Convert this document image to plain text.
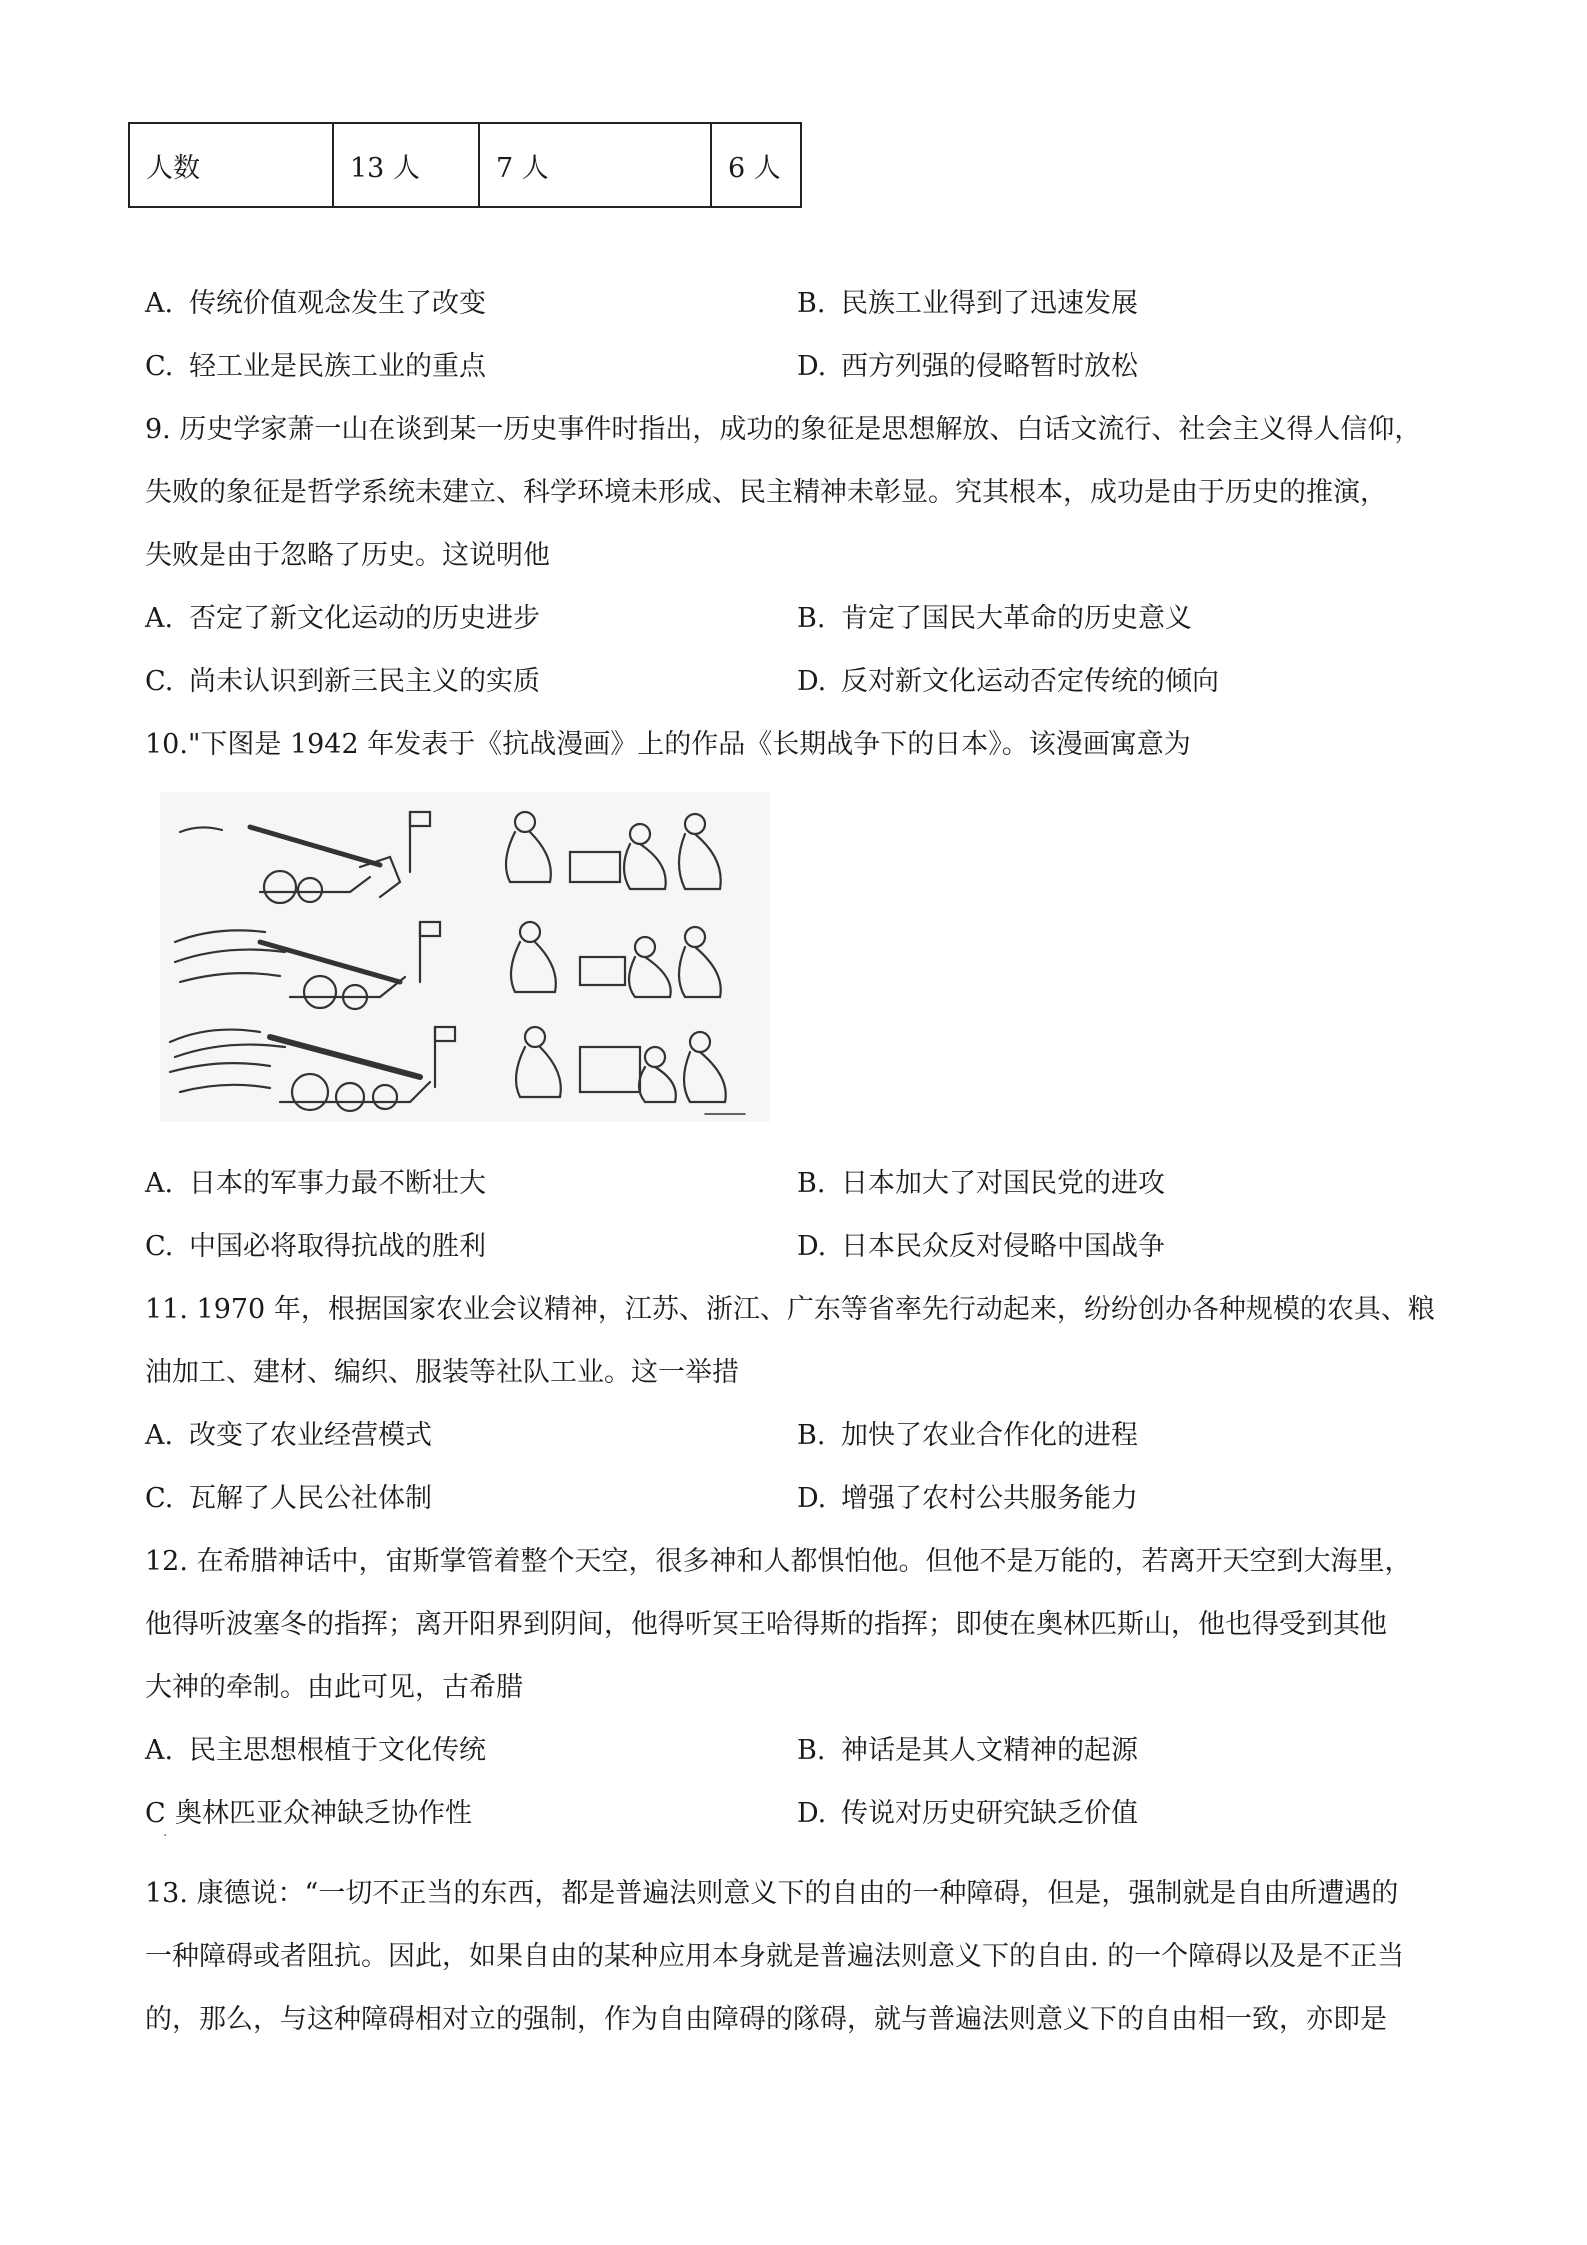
人数	13 人	7 人	6 人
A. 传统价值观念发生了改变	B. 民族工业得到了迅速发展
C. 轻工业是民族工业的重点	D. 西方列强的侵略暂时放松
9. 历史学家萧一山在谈到某一历史事件时指出，成功的象征是思想解放、白话文流行、社会主义得人信仰，
失败的象征是哲学系统未建立、科学环境未形成、民主精神未彰显。究其根本，成功是由于历史的推演，
失败是由于忽略了历史。这说明他
A. 否定了新文化运动的历史进步	B. 肯定了国民大革命的历史意义
C. 尚未认识到新三民主义的实质	D. 反对新文化运动否定传统的倾向
10."下图是 1942 年发表于《抗战漫画》上的作品《长期战争下的日本》。该漫画寓意为
A. 日本的军事力最不断壮大	B. 日本加大了对国民党的进攻
C. 中国必将取得抗战的胜利	D. 日本民众反对侵略中国战争
11. 1970 年，根据国家农业会议精神，江苏、浙江、广东等省率先行动起来，纷纷创办各种规模的农具、粮
油加工、建材、编织、服装等社队工业。这一举措
A. 改变了农业经营模式	B. 加快了农业合作化的进程
C. 瓦解了人民公社体制	D. 增强了农村公共服务能力
12. 在希腊神话中，宙斯掌管着整个天空，很多神和人都惧怕他。但他不是万能的，若离开天空到大海里，
他得听波塞冬的指挥；离开阳界到阴间，他得听冥王哈得斯的指挥；即使在奥林匹斯山，他也得受到其他
大神的牵制。由此可见，古希腊
A. 民主思想根植于文化传统	B. 神话是其人文精神的起源
C 奥林匹亚众神缺乏协作性	D. 传说对历史研究缺乏价值
·
13. 康德说：“一切不正当的东西，都是普遍法则意义下的自由的一种障碍，但是，强制就是自由所遭遇的
一种障碍或者阻抗。因此，如果自由的某种应用本身就是普遍法则意义下的自由. 的一个障碍以及是不正当
的，那么，与这种障碍相对立的强制，作为自由障碍的隊碍，就与普遍法则意义下的自由相一致，亦即是
